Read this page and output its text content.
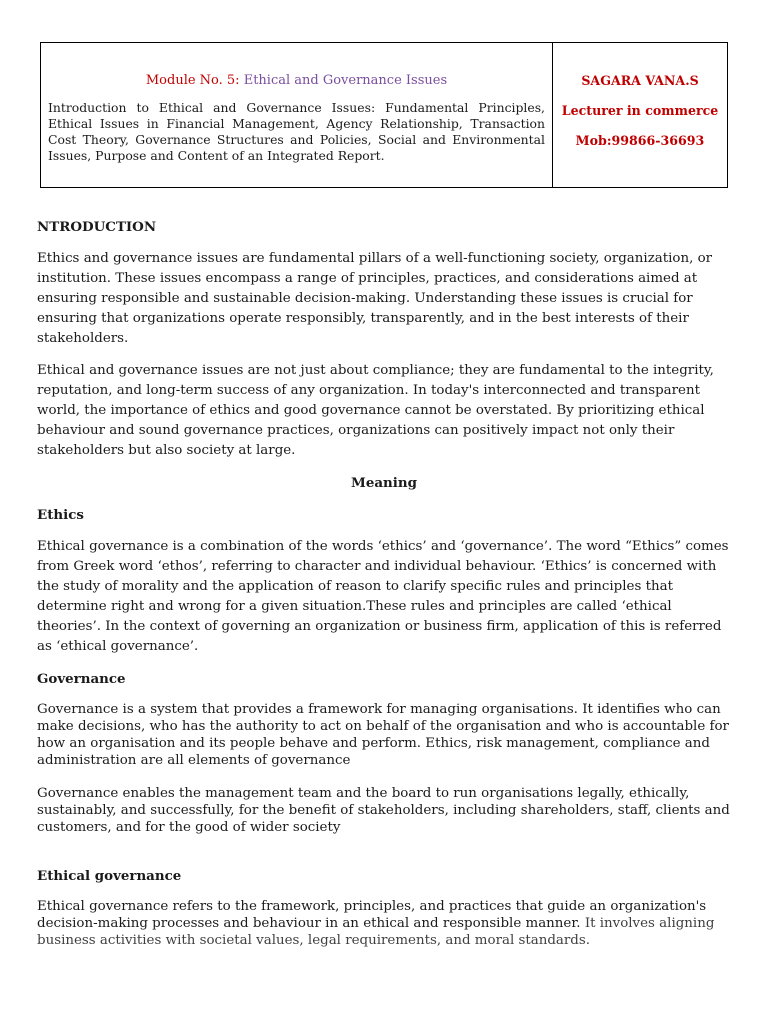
Module No. 5: Ethical and Governance Issues
Introduction to Ethical and Governance Issues: Fundamental Principles, Ethical Issues in Financial Management, Agency Relationship, Transaction Cost Theory, Governance Structures and Policies, Social and Environmental Issues, Purpose and Content of an Integrated Report.
SAGARA VANA.S
Lecturer in commerce
Mob:99866-36693
NTRODUCTION

Ethics and governance issues are fundamental pillars of a well-functioning society, organization, or institution. These issues encompass a range of principles, practices, and considerations aimed at ensuring responsible and sustainable decision-making. Understanding these issues is crucial for ensuring that organizations operate responsibly, transparently, and in the best interests of their stakeholders.

Ethical and governance issues are not just about compliance; they are fundamental to the integrity, reputation, and long-term success of any organization. In today's interconnected and transparent world, the importance of ethics and good governance cannot be overstated. By prioritizing ethical behaviour and sound governance practices, organizations can positively impact not only their stakeholders but also society at large.

Meaning
Ethics

Ethical governance is a combination of the words ‘ethics’ and ‘governance’. The word “Ethics” comes from Greek word ‘ethos’, referring to character and individual behaviour. ‘Ethics’ is concerned with the study of morality and the application of reason to clarify specific rules and principles that determine right and wrong for a given situation.These rules and principles are called ‘ethical theories’. In the context of governing an organization or business firm, application of this is referred as ‘ethical governance’.

Governance

Governance is a system that provides a framework for managing organisations. It identifies who can make decisions, who has the authority to act on behalf of the organisation and who is accountable for how an organisation and its people behave and perform. Ethics, risk management, compliance and administration are all elements of governance

Governance enables the management team and the board to run organisations legally, ethically, sustainably, and successfully, for the benefit of stakeholders, including shareholders, staff, clients and customers, and for the good of wider society

Ethical governance

Ethical governance refers to the framework, principles, and practices that guide an organization's decision-making processes and behaviour in an ethical and responsible manner. It involves aligning business activities with societal values, legal requirements, and moral standards.
